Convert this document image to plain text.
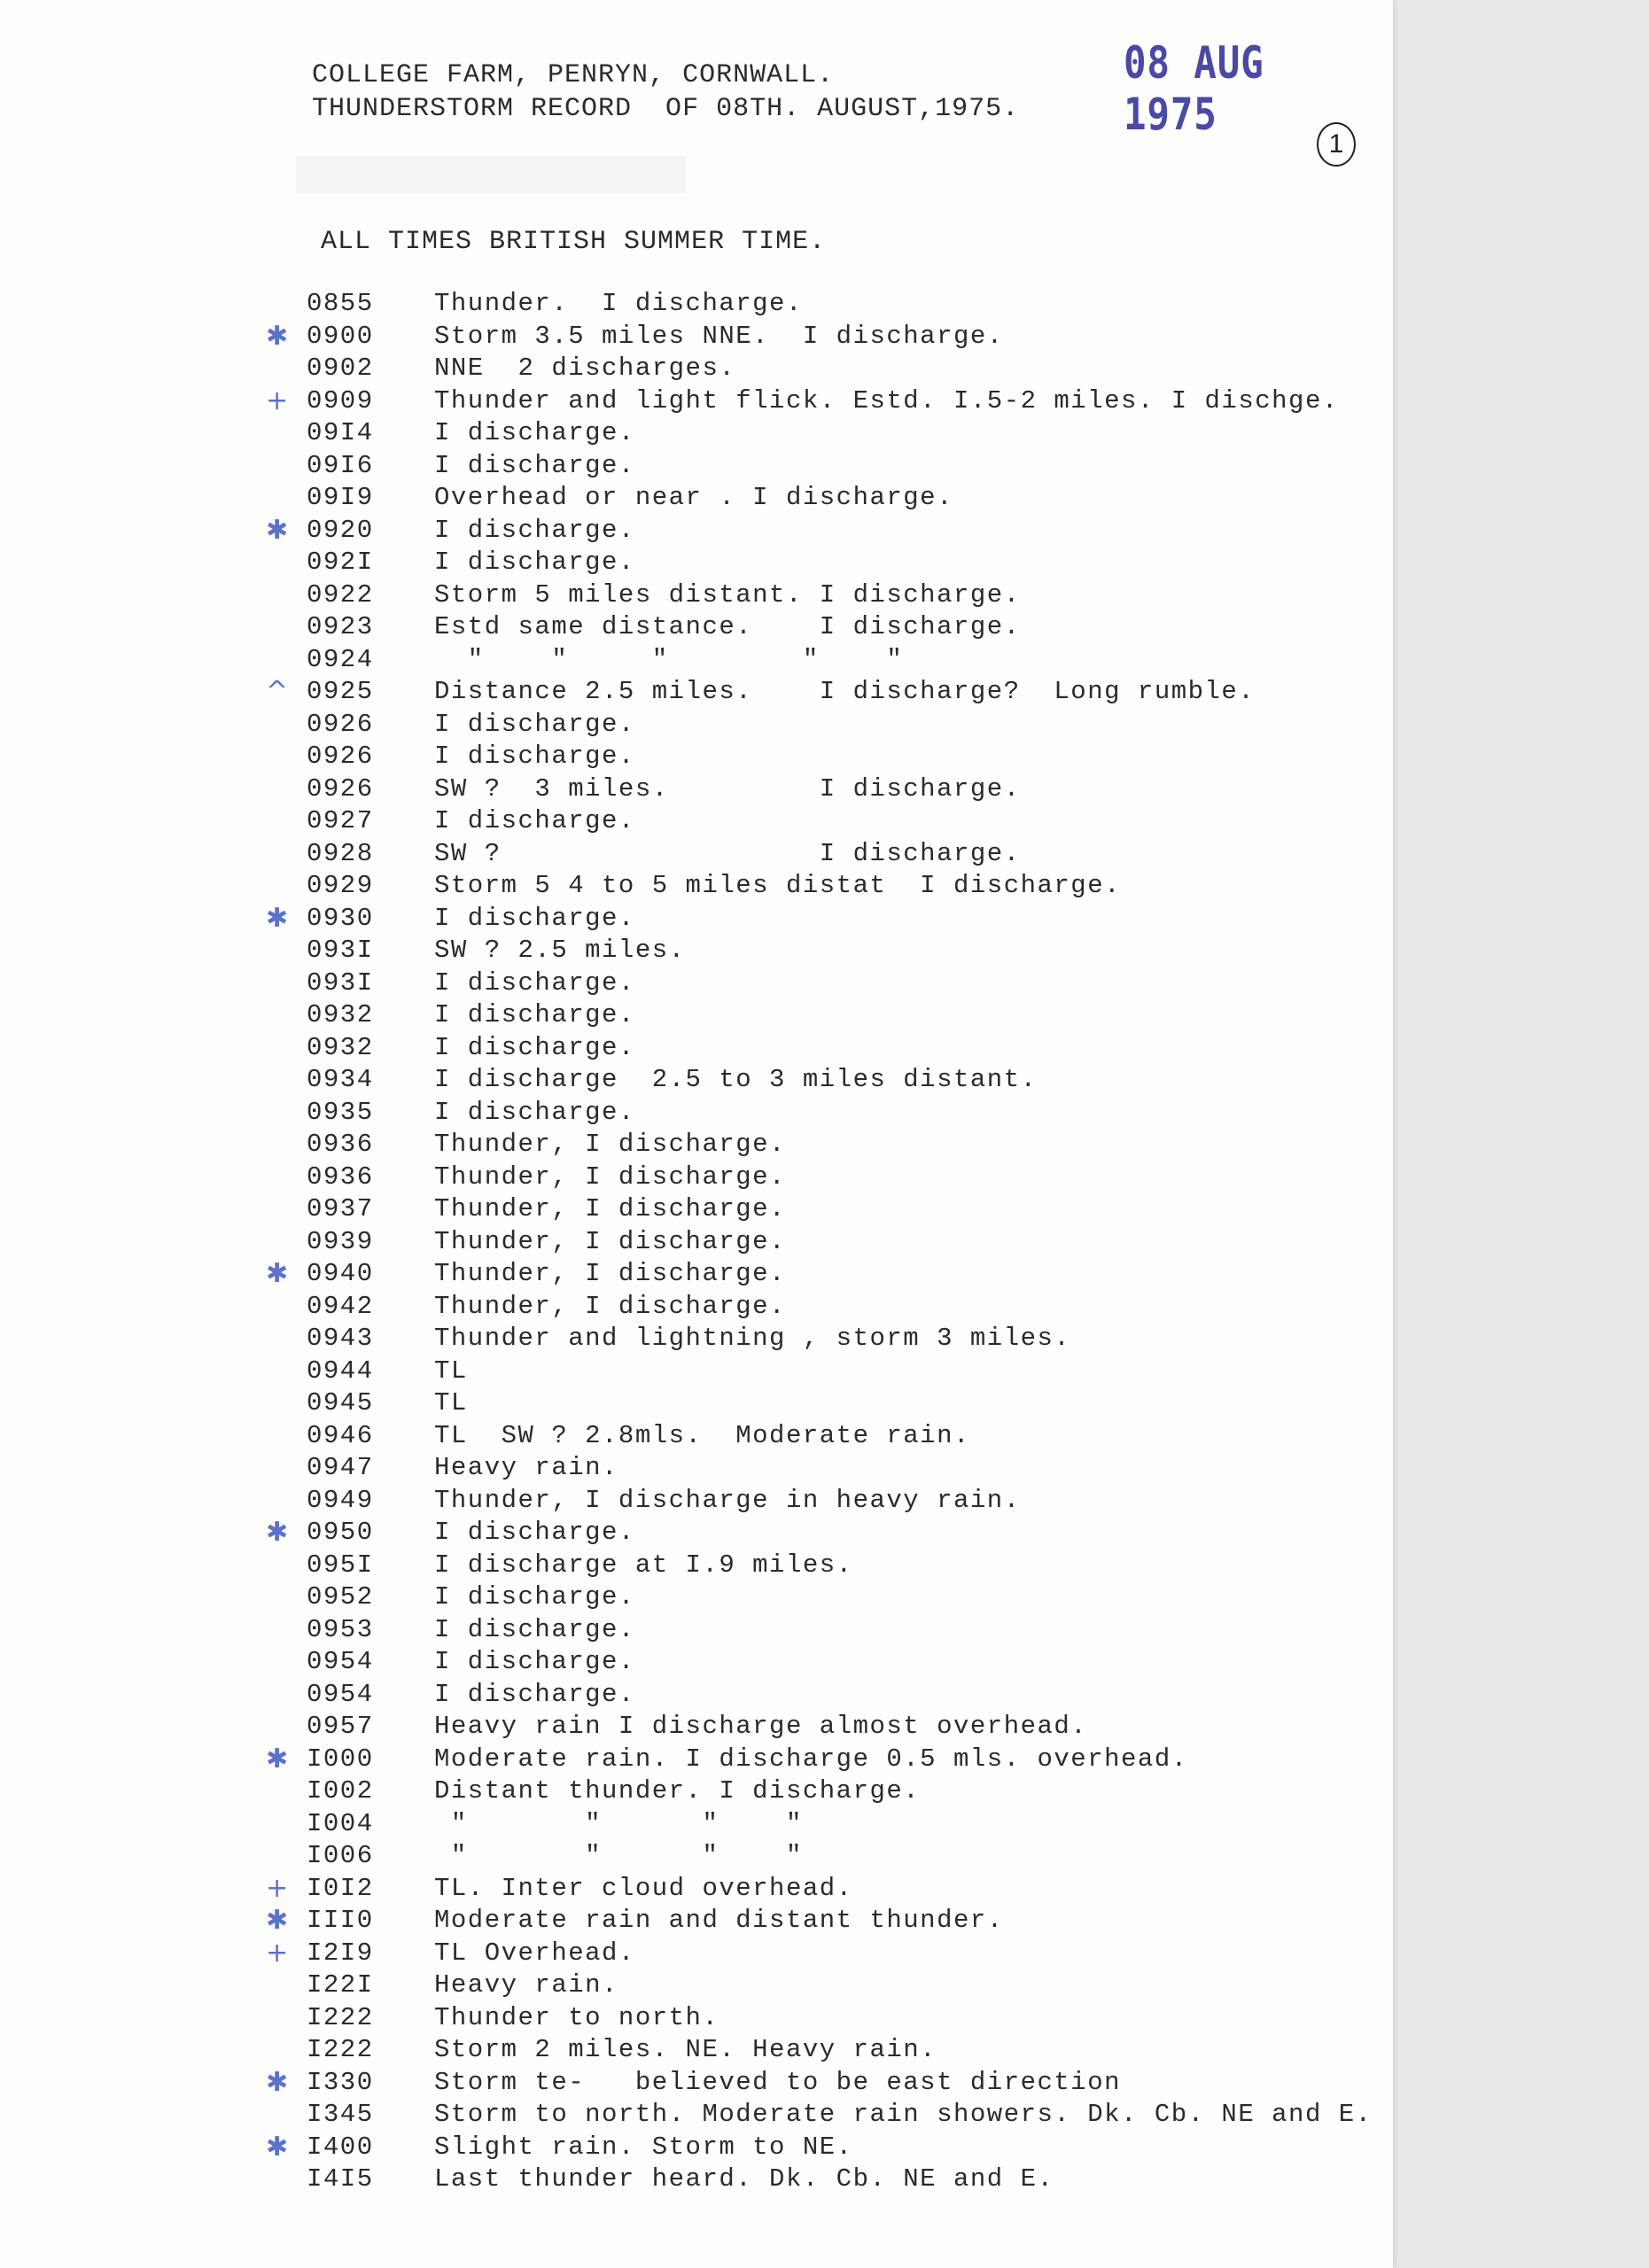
COLLEGE FARM, PENRYN, CORNWALL.
THUNDERSTORM RECORD  OF 08TH. AUGUST,1975.
08 AUG 1975
1
ALL TIMES BRITISH SUMMER TIME.
0855 Thunder.  I discharge.
✱ 0900 Storm 3.5 miles NNE.  I discharge.
0902 NNE  2 discharges.
+ 0909 Thunder and light flick. Estd. I.5-2 miles. I dischge.
09I4 I discharge.
09I6 I discharge.
09I9 Overhead or near . I discharge.
✱ 0920 I discharge.
092I I discharge.
0922 Storm 5 miles distant. I discharge.
0923 Estd same distance.    I discharge.
0924 "    "     "        "    "
^ 0925 Distance 2.5 miles.    I discharge?  Long rumble.
0926 I discharge.
0926 I discharge.
0926 SW ?  3 miles.         I discharge.
0927 I discharge.
0928 SW ?                   I discharge.
0929 Storm 5 4 to 5 miles distat  I discharge.
✱ 0930 I discharge.
093I SW ? 2.5 miles.
093I I discharge.
0932 I discharge.
0932 I discharge.
0934 I discharge  2.5 to 3 miles distant.
0935 I discharge.
0936 Thunder, I discharge.
0936 Thunder, I discharge.
0937 Thunder, I discharge.
0939 Thunder, I discharge.
✱ 0940 Thunder, I discharge.
0942 Thunder, I discharge.
0943 Thunder and lightning , storm 3 miles.
0944 TL
0945 TL
0946 TL  SW ? 2.8mls.  Moderate rain.
0947 Heavy rain.
0949 Thunder, I discharge in heavy rain.
✱ 0950 I discharge.
095I I discharge at I.9 miles.
0952 I discharge.
0953 I discharge.
0954 I discharge.
0954 I discharge.
0957 Heavy rain I discharge almost overhead.
✱ I000 Moderate rain. I discharge 0.5 mls. overhead.
I002 Distant thunder. I discharge.
I004 "       "      "    "
I006 "       "      "    "
+ I0I2 TL. Inter cloud overhead.
✱ III0 Moderate rain and distant thunder.
+ I2I9 TL Overhead.
I22I Heavy rain.
I222 Thunder to north.
I222 Storm 2 miles. NE. Heavy rain.
✱ I330 Storm te-   believed to be east direction
I345 Storm to north. Moderate rain showers. Dk. Cb. NE and E.
✱ I400 Slight rain. Storm to NE.
I4I5 Last thunder heard. Dk. Cb. NE and E.
